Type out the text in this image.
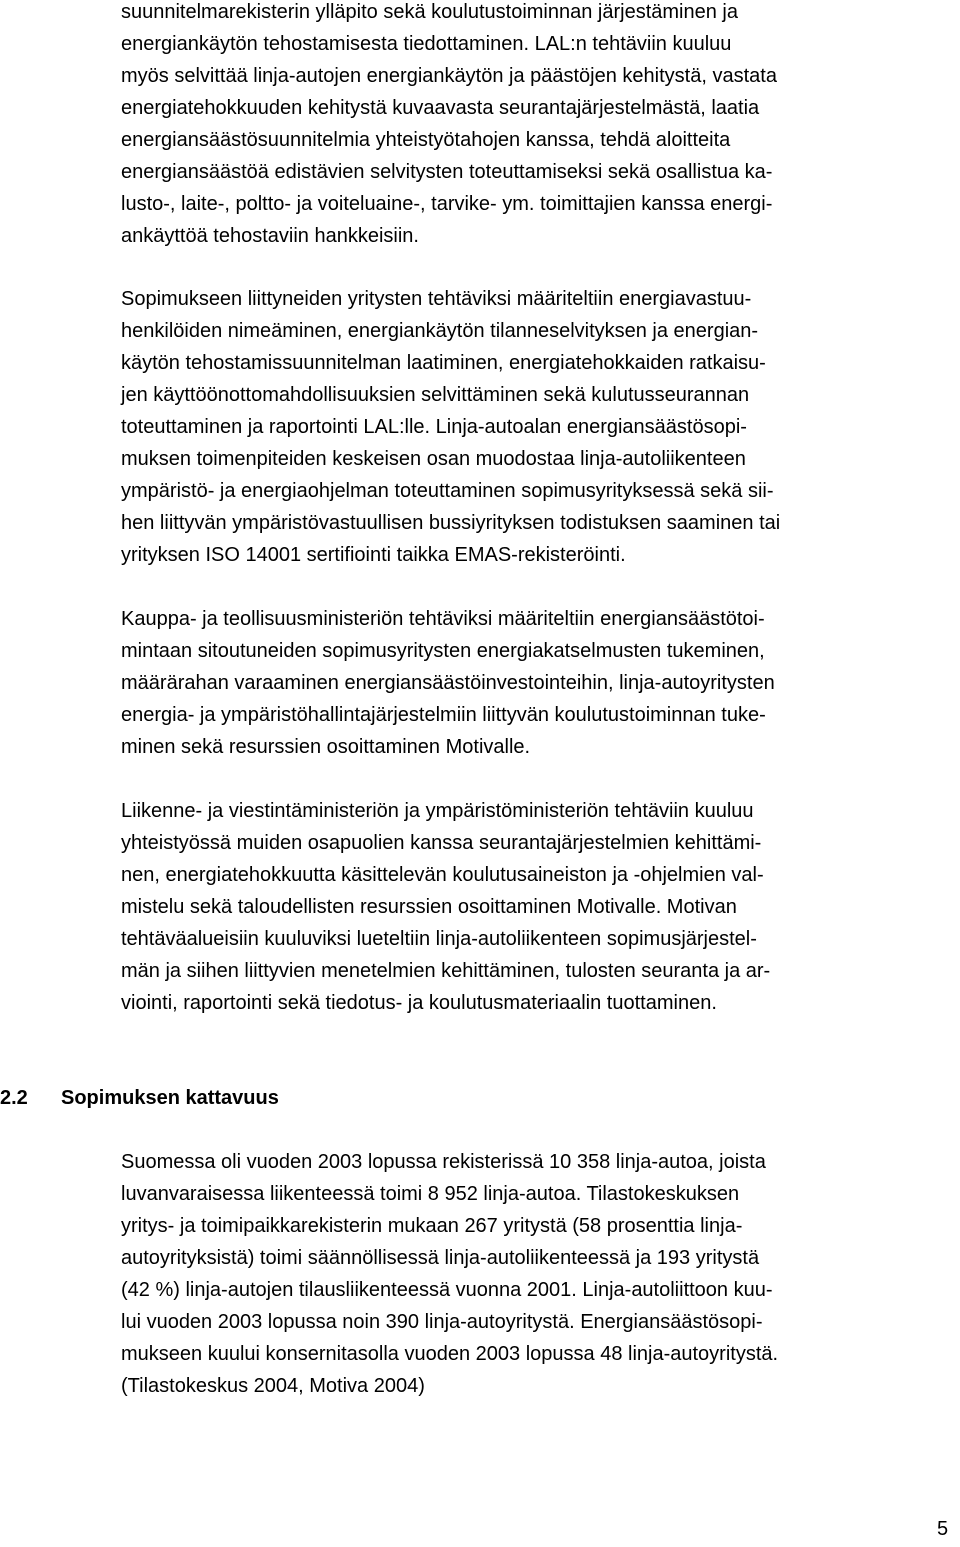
suunnitelmarekisterin ylläpito sekä koulutustoiminnan järjestäminen ja
energiankäytön tehostamisesta tiedottaminen. LAL:n tehtäviin kuuluu
myös selvittää linja-autojen energiankäytön ja päästöjen kehitystä, vastata
energiatehokkuuden kehitystä kuvaavasta seurantajärjestelmästä, laatia
energiansäästösuunnitelmia yhteistyötahojen kanssa, tehdä aloitteita
energiansäästöä edistävien selvitysten toteuttamiseksi sekä osallistua ka-
lusto-, laite-, poltto- ja voiteluaine-, tarvike- ym. toimittajien kanssa energi-
ankäyttöä tehostaviin hankkeisiin.

Sopimukseen liittyneiden yritysten tehtäviksi määriteltiin energiavastuu-
henkilöiden nimeäminen, energiankäytön tilanneselvityksen ja energian-
käytön tehostamissuunnitelman laatiminen, energiatehokkaiden ratkaisu-
jen käyttöönottomahdollisuuksien selvittäminen sekä kulutusseurannan
toteuttaminen ja raportointi LAL:lle. Linja-autoalan energiansäästösopi-
muksen toimenpiteiden keskeisen osan muodostaa linja-autoliikenteen
ympäristö- ja energiaohjelman toteuttaminen sopimusyrityksessä sekä sii-
hen liittyvän ympäristövastuullisen bussiyrityksen todistuksen saaminen tai
yrityksen ISO 14001 sertifiointi taikka EMAS-rekisteröinti.

Kauppa- ja teollisuusministeriön tehtäviksi määriteltiin energiansäästötoi-
mintaan sitoutuneiden sopimusyritysten energiakatselmusten tukeminen,
määrärahan varaaminen energiansäästöinvestointeihin, linja-autoyritysten
energia- ja ympäristöhallintajärjestelmiin liittyvän koulutustoiminnan tuke-
minen sekä resurssien osoittaminen Motivalle.

Liikenne- ja viestintäministeriön ja ympäristöministeriön tehtäviin kuuluu
yhteistyössä muiden osapuolien kanssa seurantajärjestelmien kehittämi-
nen, energiatehokkuutta käsittelevän koulutusaineiston ja -ohjelmien val-
mistelu sekä taloudellisten resurssien osoittaminen Motivalle. Motivan
tehtäväalueisiin kuuluviksi lueteltiin linja-autoliikenteen sopimusjärjestel-
män ja siihen liittyvien menetelmien kehittäminen, tulosten seuranta ja ar-
viointi, raportointi sekä tiedotus- ja koulutusmateriaalin tuottaminen.

2.2 Sopimuksen kattavuus

Suomessa oli vuoden 2003 lopussa rekisterissä 10 358 linja-autoa, joista
luvanvaraisessa liikenteessä toimi 8 952 linja-autoa. Tilastokeskuksen
yritys- ja toimipaikkarekisterin mukaan 267 yritystä (58 prosenttia linja-
autoyrityksistä) toimi säännöllisessä linja-autoliikenteessä ja 193 yritystä
(42 %) linja-autojen tilausliikenteessä vuonna 2001. Linja-autoliittoon kuu-
lui vuoden 2003 lopussa noin 390 linja-autoyritystä. Energiansäästösopi-
mukseen kuului konsernitasolla vuoden 2003 lopussa 48 linja-autoyritystä.
(Tilastokeskus 2004, Motiva 2004)

5
